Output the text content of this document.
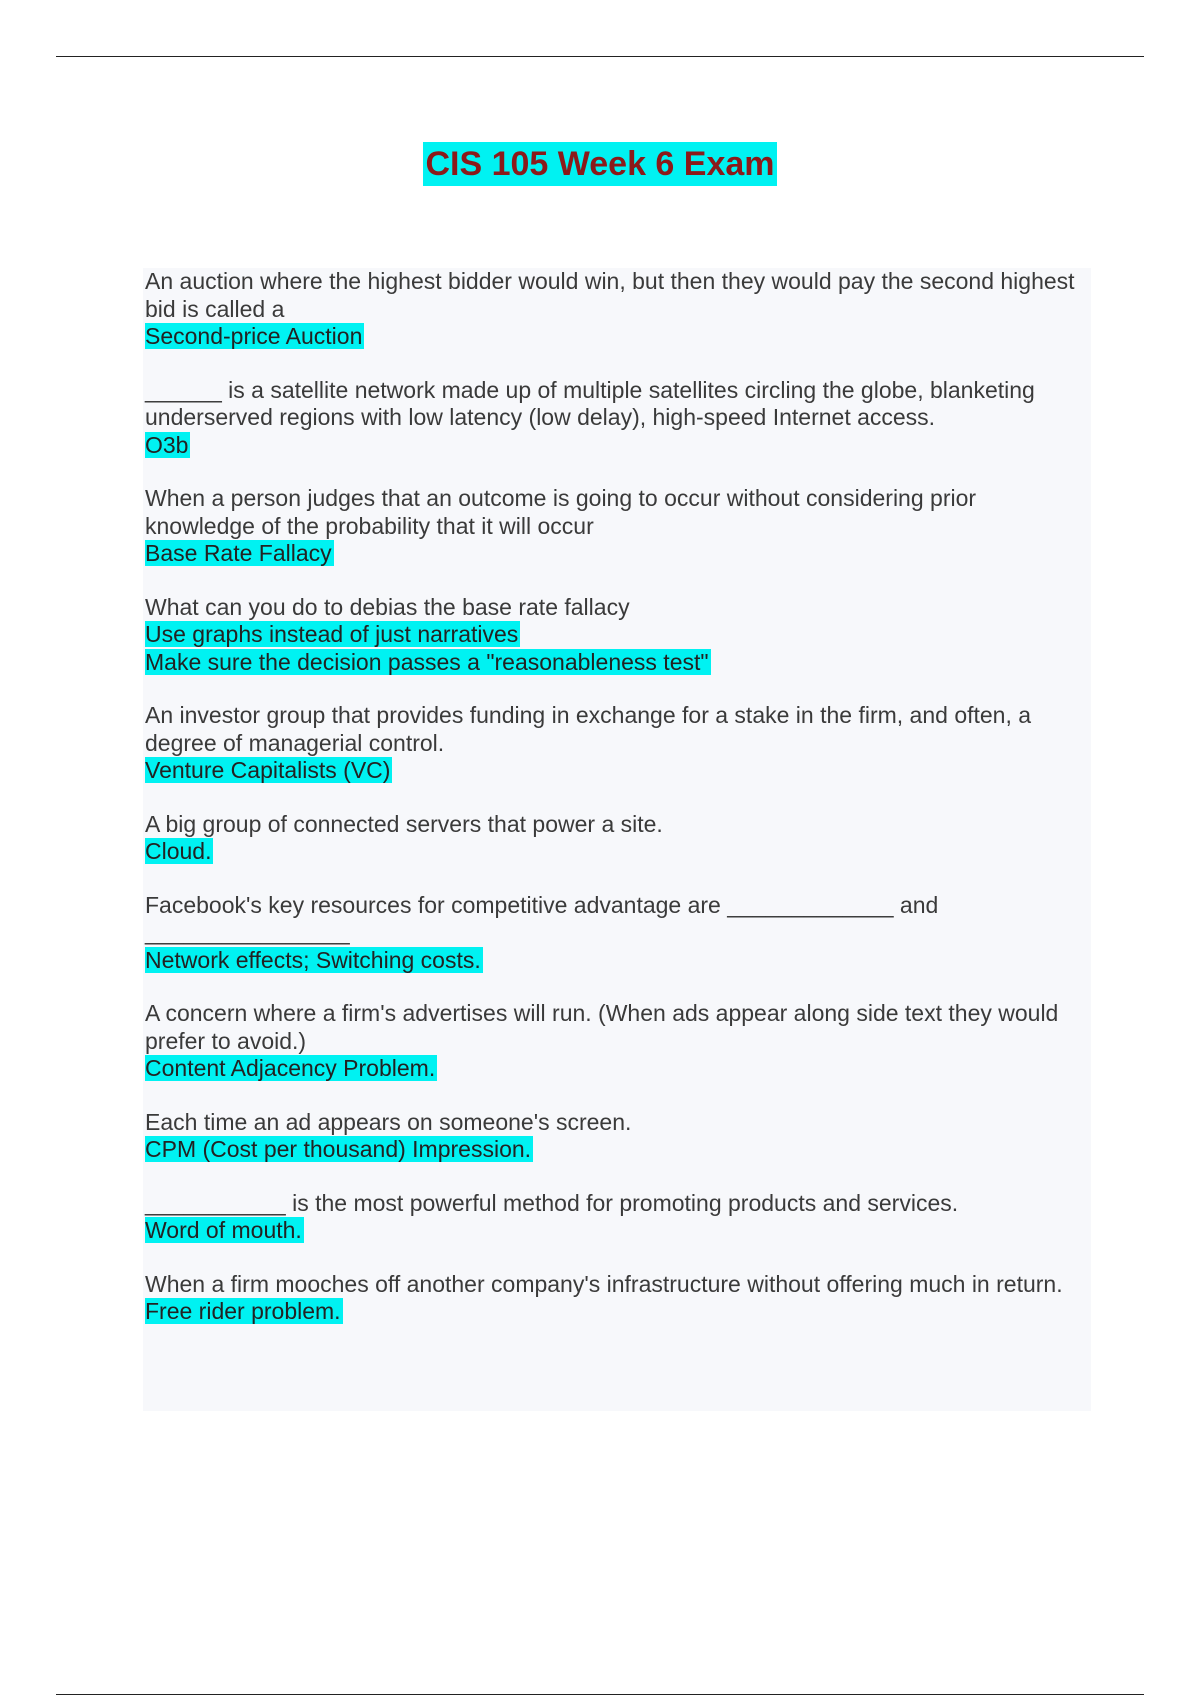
CIS 105 Week 6 Exam

An auction where the highest bidder would win, but then they would pay the second highest bid is called a

Second-price Auction

______ is a satellite network made up of multiple satellites circling the globe, blanketing underserved regions with low latency (low delay), high-speed Internet access.

O3b

When a person judges that an outcome is going to occur without considering prior knowledge of the probability that it will occur

Base Rate Fallacy

What can you do to debias the base rate fallacy

Use graphs instead of just narratives

Make sure the decision passes a "reasonableness test"

An investor group that provides funding in exchange for a stake in the firm, and often, a degree of managerial control.

Venture Capitalists (VC)

A big group of connected servers that power a site.

Cloud.

Facebook's key resources for competitive advantage are _____________ and ________________

Network effects; Switching costs.

A concern where a firm's advertises will run. (When ads appear along side text they would prefer to avoid.)

Content Adjacency Problem.

Each time an ad appears on someone's screen.

CPM (Cost per thousand) Impression.

___________ is the most powerful method for promoting products and services.

Word of mouth.

When a firm mooches off another company's infrastructure without offering much in return.

Free rider problem.
